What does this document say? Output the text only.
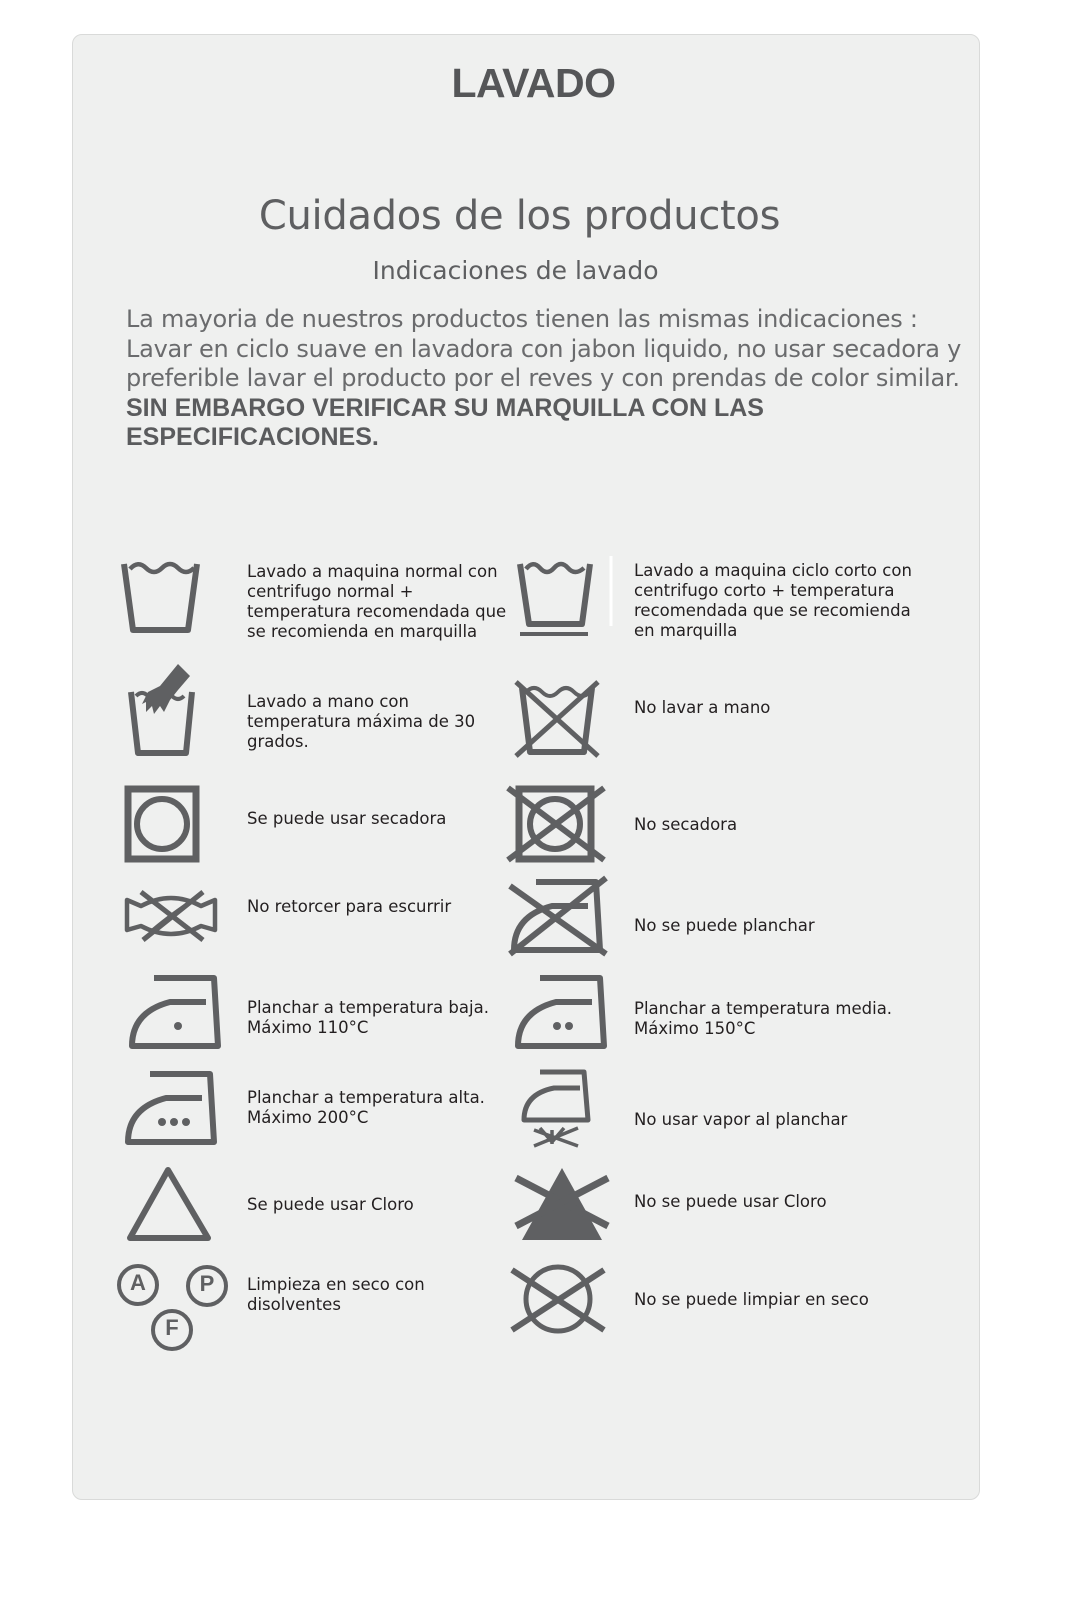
LAVADO
Cuidados de los productos
Indicaciones de lavado
La mayoria de nuestros productos tienen las mismas indicaciones : Lavar en ciclo suave en lavadora con jabon liquido, no usar secadora y preferible lavar el producto por el reves y con prendas de color similar. SIN EMBARGO VERIFICAR SU MARQUILLA CON LAS ESPECIFICACIONES.
Lavado a maquina normal con centrifugo normal + temperatura recomendada que se recomienda en marquilla
Lavado a mano con temperatura máxima de 30 grados.
Se puede usar secadora
No retorcer para escurrir
Planchar a temperatura baja. Máximo 110°C
Planchar a temperatura alta. Máximo 200°C
Se puede usar Cloro
A	P
F
Limpieza en seco con disolventes
Lavado a maquina ciclo corto con centrifugo corto + temperatura recomendada que se recomienda en marquilla
No lavar a mano
No secadora
No se puede planchar
Planchar a temperatura media. Máximo 150°C
No usar vapor al planchar
No se puede usar Cloro
No se puede limpiar en seco
